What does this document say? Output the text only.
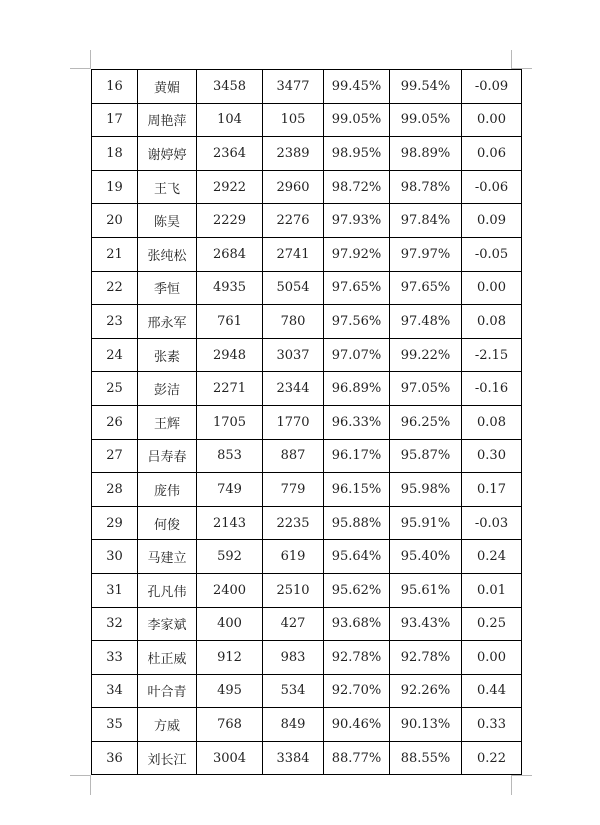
16	黄媚	3458	3477	99.45%	99.54%	-0.09
17	周艳萍	104	105	99.05%	99.05%	0.00
18	谢婷婷	2364	2389	98.95%	98.89%	0.06
19	王飞	2922	2960	98.72%	98.78%	-0.06
20	陈昊	2229	2276	97.93%	97.84%	0.09
21	张纯松	2684	2741	97.92%	97.97%	-0.05
22	季恒	4935	5054	97.65%	97.65%	0.00
23	邢永军	761	780	97.56%	97.48%	0.08
24	张素	2948	3037	97.07%	99.22%	-2.15
25	彭洁	2271	2344	96.89%	97.05%	-0.16
26	王辉	1705	1770	96.33%	96.25%	0.08
27	吕寿春	853	887	96.17%	95.87%	0.30
28	庞伟	749	779	96.15%	95.98%	0.17
29	何俊	2143	2235	95.88%	95.91%	-0.03
30	马建立	592	619	95.64%	95.40%	0.24
31	孔凡伟	2400	2510	95.62%	95.61%	0.01
32	李家斌	400	427	93.68%	93.43%	0.25
33	杜正威	912	983	92.78%	92.78%	0.00
34	叶合青	495	534	92.70%	92.26%	0.44
35	方威	768	849	90.46%	90.13%	0.33
36	刘长江	3004	3384	88.77%	88.55%	0.22
